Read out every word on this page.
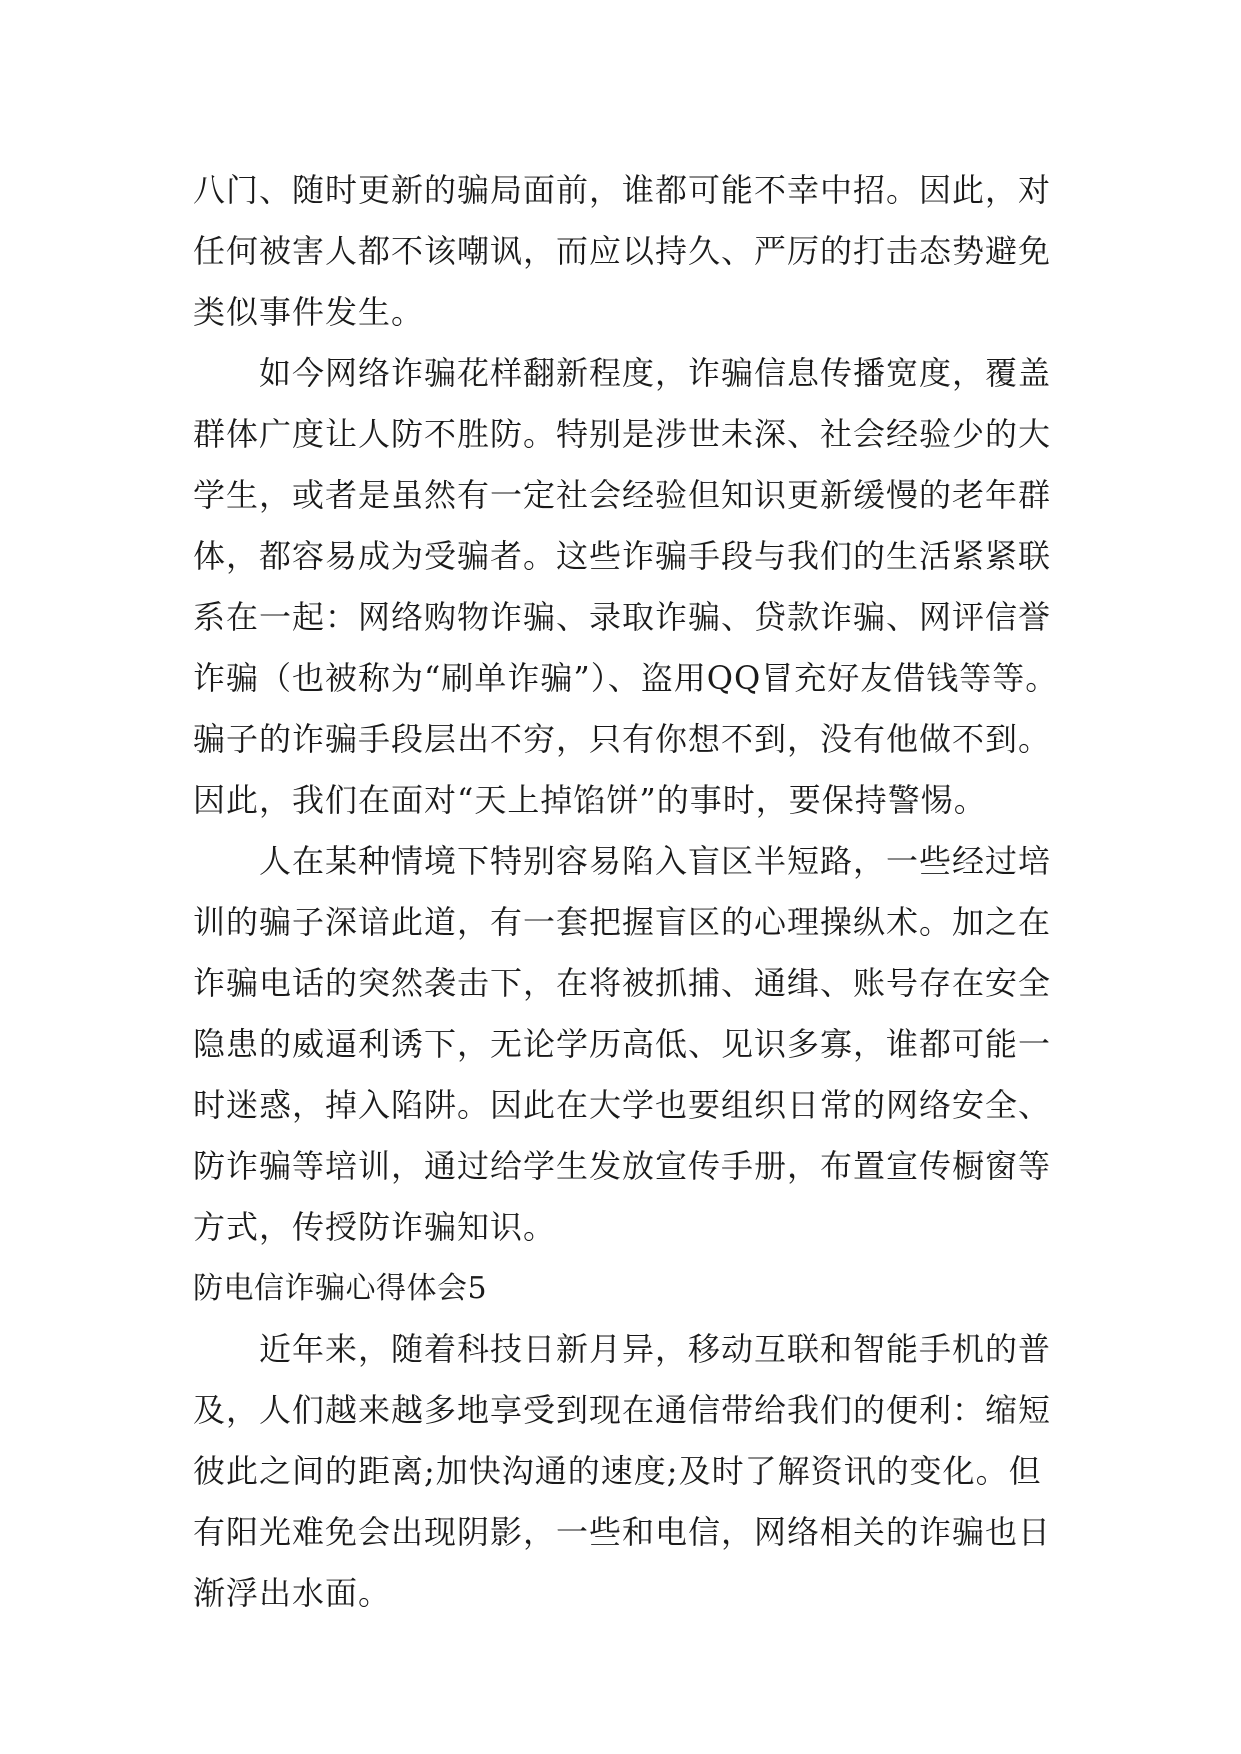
八门、随时更新的骗局面前，谁都可能不幸中招。因此，对
任何被害人都不该嘲讽，而应以持久、严厉的打击态势避免
类似事件发生。
如今网络诈骗花样翻新程度，诈骗信息传播宽度，覆盖
群体广度让人防不胜防。特别是涉世未深、社会经验少的大
学生，或者是虽然有一定社会经验但知识更新缓慢的老年群
体，都容易成为受骗者。这些诈骗手段与我们的生活紧紧联
系在一起：网络购物诈骗、录取诈骗、贷款诈骗、网评信誉
诈骗（也被称为“刷单诈骗”）、盗用QQ冒充好友借钱等等。
骗子的诈骗手段层出不穷，只有你想不到，没有他做不到。
因此，我们在面对“天上掉馅饼”的事时，要保持警惕。
人在某种情境下特别容易陷入盲区半短路，一些经过培
训的骗子深谙此道，有一套把握盲区的心理操纵术。加之在
诈骗电话的突然袭击下，在将被抓捕、通缉、账号存在安全
隐患的威逼利诱下，无论学历高低、见识多寡，谁都可能一
时迷惑，掉入陷阱。因此在大学也要组织日常的网络安全、
防诈骗等培训，通过给学生发放宣传手册，布置宣传橱窗等
方式，传授防诈骗知识。
防电信诈骗心得体会5
近年来，随着科技日新月异，移动互联和智能手机的普
及，人们越来越多地享受到现在通信带给我们的便利：缩短
彼此之间的距离;加快沟通的速度;及时了解资讯的变化。但
有阳光难免会出现阴影，一些和电信，网络相关的诈骗也日
渐浮出水面。
